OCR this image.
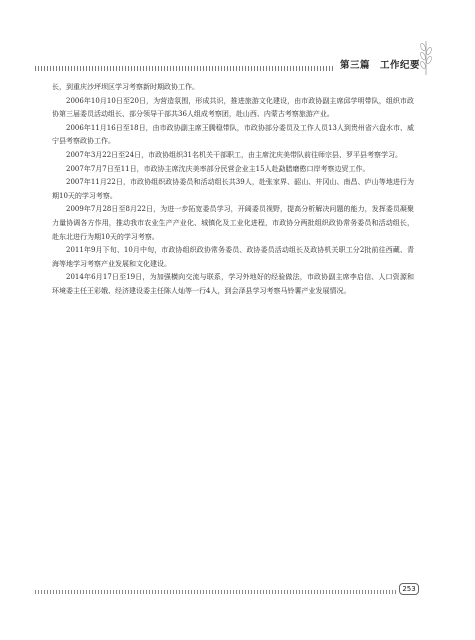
第三篇　工作纪要

长，到重庆沙坪坝区学习考察新时期政协工作。

2006年10月10日至20日，为营造氛围，形成共识，推进旅游文化建设，由市政协副主席邱学明带队，组织市政协第三届委员活动组长、部分领导干部共36人组成考察团，赴山西、内蒙古考察旅游产业。

2006年11月16日至18日，由市政协副主席王腾稳带队，市政协部分委员及工作人员13人到贵州省六盘水市、威宁县考察政协工作。

2007年3月22日至24日，市政协组织31名机关干部职工，由主席沈庆美带队前往师宗县、罗平县考察学习。

2007年7月7日至11日，市政协主席沈庆美率部分民营企业主15人赴勐腊磨憨口岸考察边贸工作。

2007年11月22日，市政协组织政协委员和活动组长共39人，赴张家界、韶山、井冈山、南昌、庐山等地进行为期10天的学习考察。

2009年7月28日至8月22日，为进一步拓宽委员学习，开阔委员视野，提高分析解决问题的能力，发挥委员凝聚力量协调各方作用，推动我市农业生产产业化、城镇化及工业化进程，市政协分两批组织政协常务委员和活动组长，赴东北进行为期10天的学习考察。

2011年9月下旬、10月中旬，市政协组织政协常务委员、政协委员活动组长及政协机关职工分2批前往西藏、青海等地学习考察产业发展和文化建设。

2014年6月17日至19日，为加强横向交流与联系，学习外地好的经验做法，市政协副主席李启信、人口资源和环境委主任王彩娥、经济建设委主任陈人灿等一行4人，到会泽县学习考察马铃薯产业发展情况。

253
